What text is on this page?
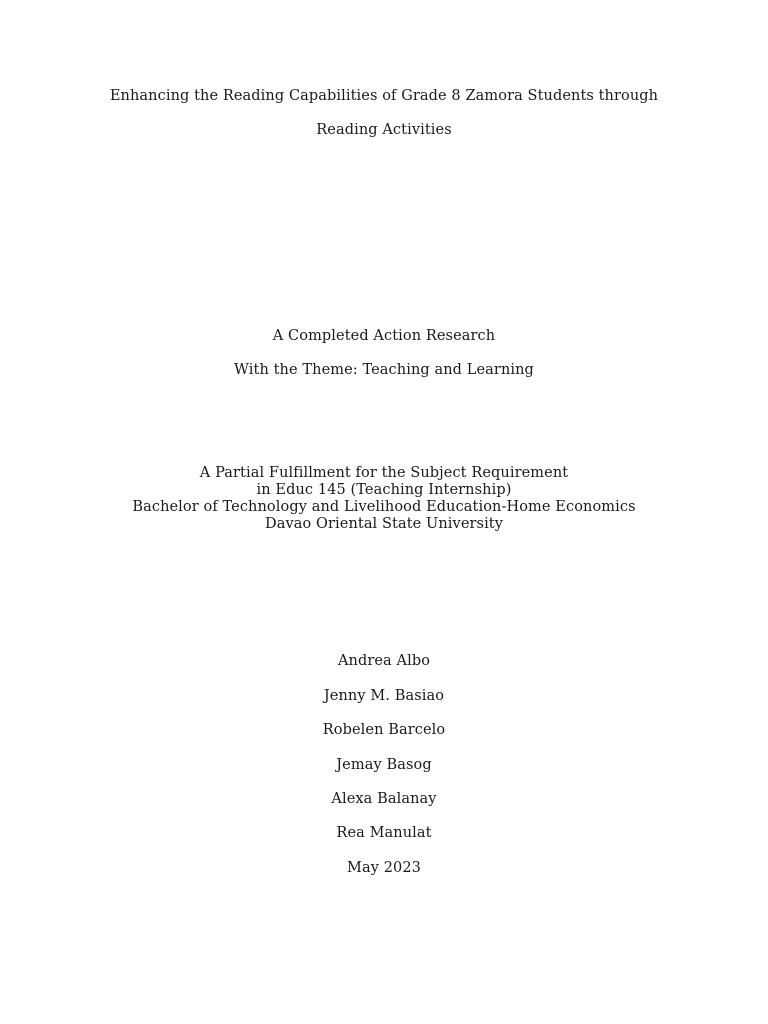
Enhancing the Reading Capabilities of Grade 8 Zamora Students through
Reading Activities
A Completed Action Research
With the Theme: Teaching and Learning
A Partial Fulfillment for the Subject Requirement
in Educ 145 (Teaching Internship)
Bachelor of Technology and Livelihood Education-Home Economics
Davao Oriental State University
Andrea Albo
Jenny M. Basiao
Robelen Barcelo
Jemay Basog
Alexa Balanay
Rea Manulat
May 2023
